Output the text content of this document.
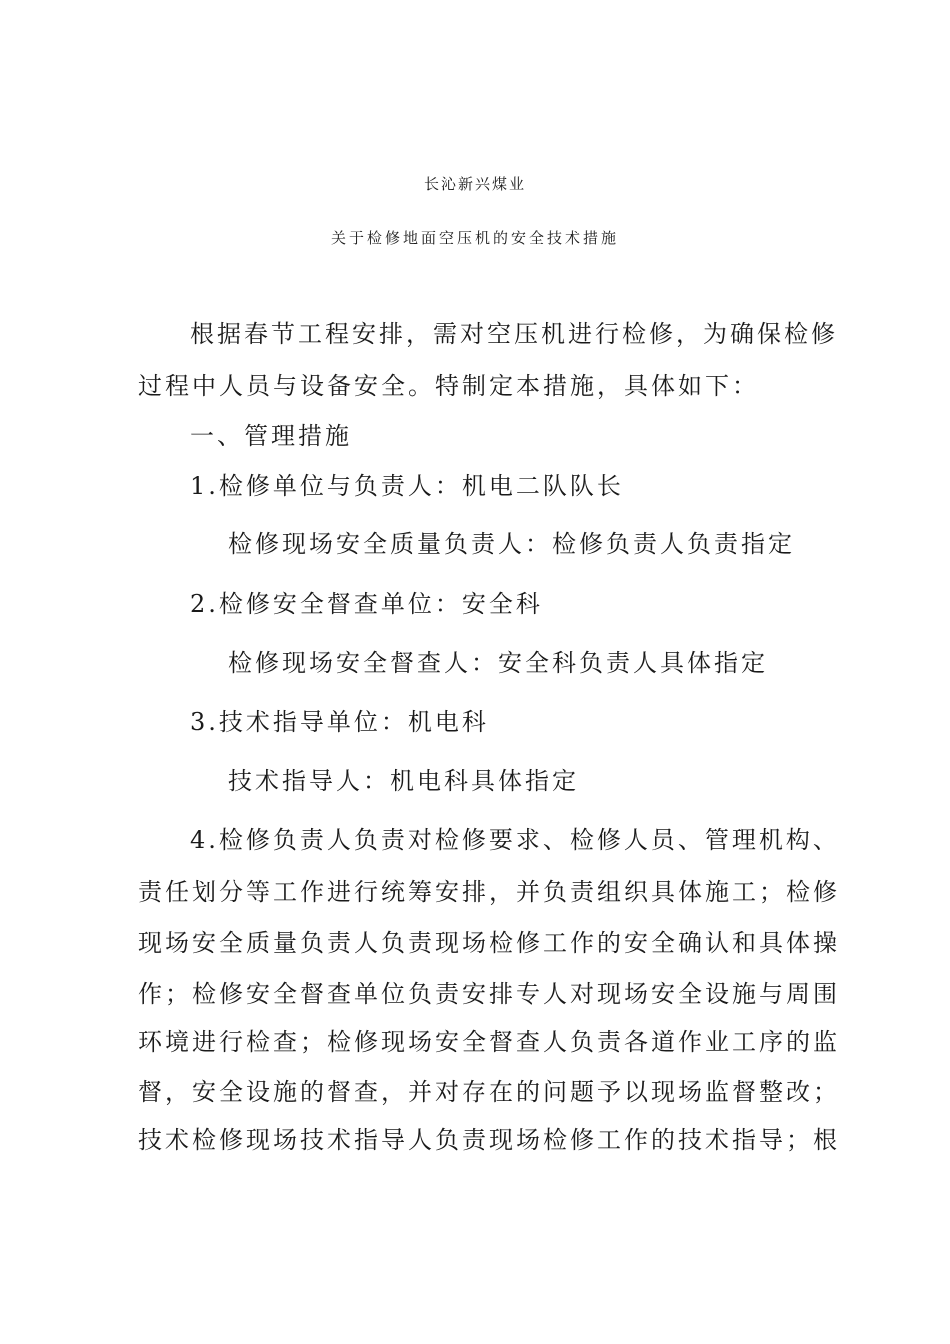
长沁新兴煤业
关于检修地面空压机的安全技术措施
根据春节工程安排，需对空压机进行检修，为确保检修
过程中人员与设备安全。特制定本措施，具体如下：
一、管理措施
1.检修单位与负责人：机电二队队长
检修现场安全质量负责人：检修负责人负责指定
2.检修安全督查单位：安全科
检修现场安全督查人：安全科负责人具体指定
3.技术指导单位：机电科
技术指导人：机电科具体指定
4.检修负责人负责对检修要求、检修人员、管理机构、
责任划分等工作进行统筹安排，并负责组织具体施工；检修
现场安全质量负责人负责现场检修工作的安全确认和具体操
作；检修安全督查单位负责安排专人对现场安全设施与周围
环境进行检查；检修现场安全督查人负责各道作业工序的监
督，安全设施的督查，并对存在的问题予以现场监督整改；
技术检修现场技术指导人负责现场检修工作的技术指导；根
